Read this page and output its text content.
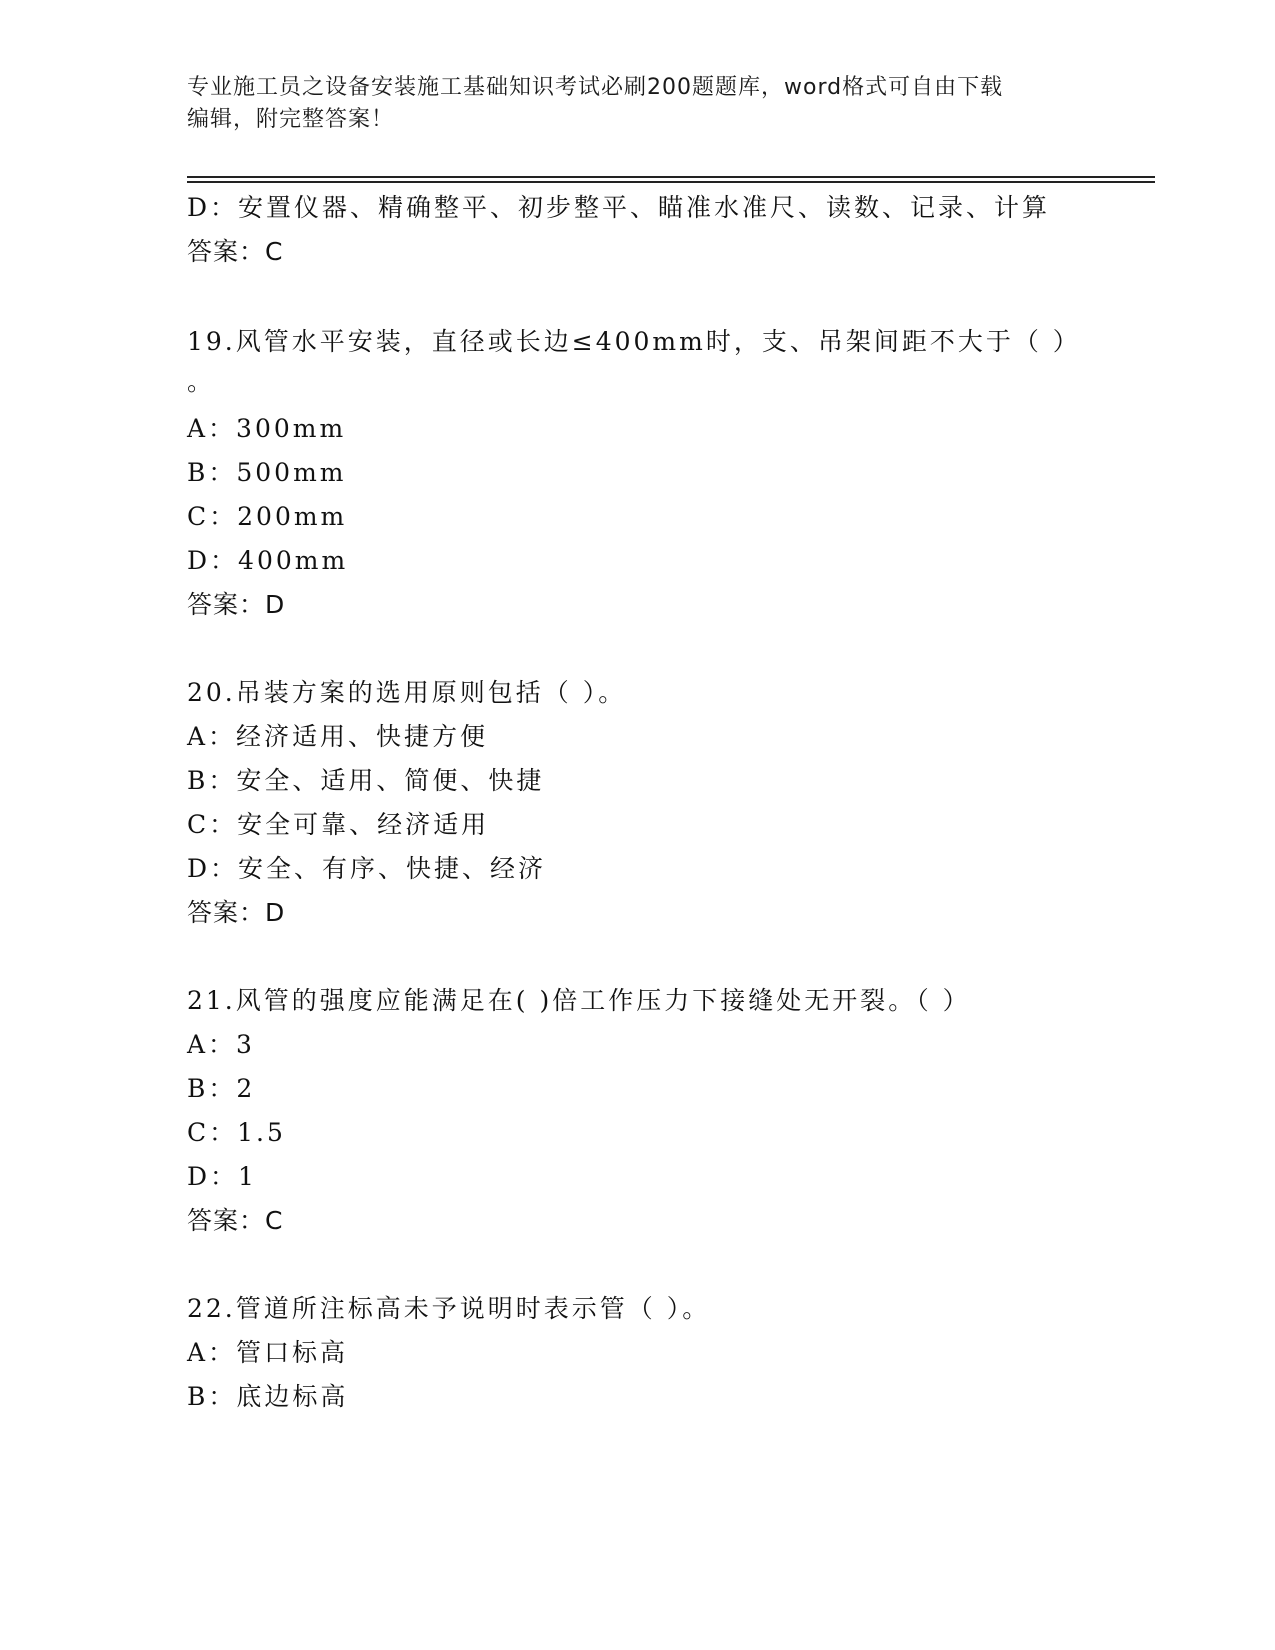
专业施工员之设备安装施工基础知识考试必刷200题题库，word格式可自由下载
编辑，附完整答案！
D：安置仪器、精确整平、初步整平、瞄准水准尺、读数、记录、计算
答案：C
19.风管水平安装，直径或长边≤400mm时，支、吊架间距不大于（ ）
。
A：300mm
B：500mm
C：200mm
D：400mm
答案：D
20.吊装方案的选用原则包括（ ）。
A：经济适用、快捷方便
B：安全、适用、简便、快捷
C：安全可靠、经济适用
D：安全、有序、快捷、经济
答案：D
21.风管的强度应能满足在( )倍工作压力下接缝处无开裂。（ ）
A：3
B：2
C：1.5
D：1
答案：C
22.管道所注标高未予说明时表示管（ ）。
A：管口标高
B：底边标高
